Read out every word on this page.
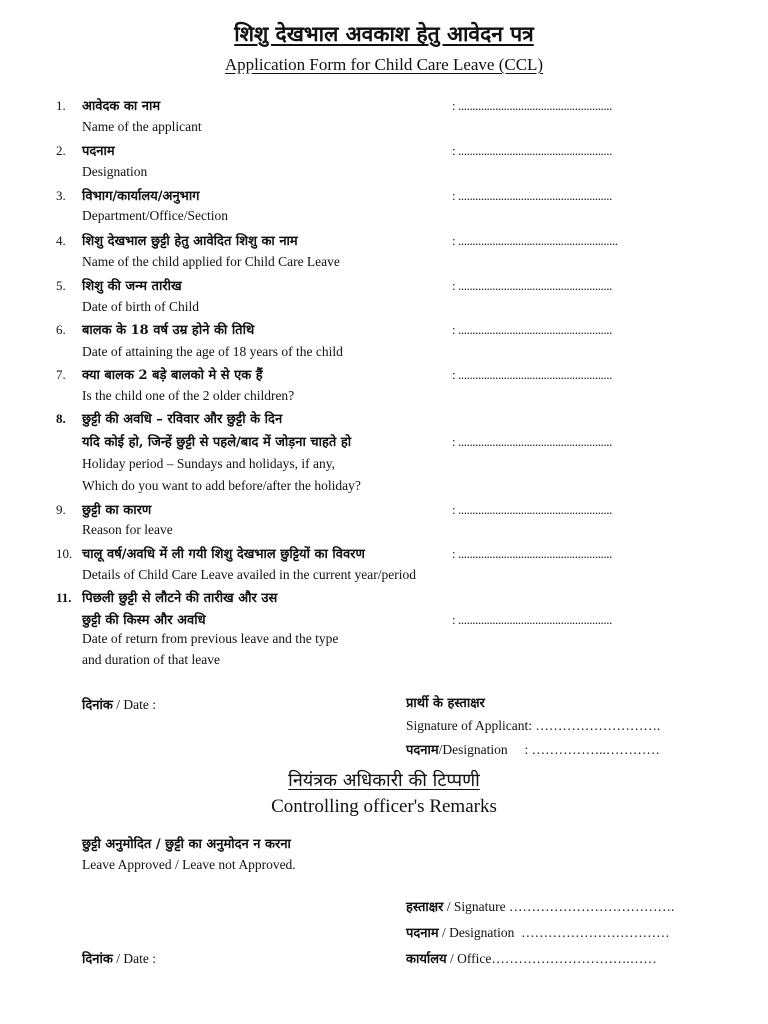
शिशु देखभाल अवकाश हेतु आवेदन पत्र
Application Form for Child Care Leave (CCL)
1.	आवेदक का नाम	: ......................................................
Name of the applicant
2.	पदनाम	: ......................................................
Designation
3.	विभाग/कार्यालय/अनुभाग	: ......................................................
Department/Office/Section
4.	शिशु देखभाल छुट्टी हेतु आवेदित शिशु का नाम	: ........................................................
Name of the child applied for Child Care Leave
5.	शिशु की जन्म तारीख	: ......................................................
Date of birth of Child
6.	बालक के 18 वर्ष उम्र होने की तिथि	: ......................................................
Date of attaining the age of 18 years of the child
7.	क्या बालक 2 बड़े बालको मे से एक हैं	: ......................................................
Is the child one of the 2 older children?
8.	छुट्टी की अवधि – रविवार और छुट्टी के दिन
यदि कोई हो, जिन्हें छुट्टी से पहले/बाद में जोड़ना चाहते हो	: ......................................................
Holiday period – Sundays and holidays, if any,
Which do you want to add before/after the holiday?
9.	छुट्टी का कारण	: ......................................................
Reason for leave
10. चालू वर्ष/अवधि में ली गयी शिशु देखभाल छुट्टियों का विवरण	: ......................................................
Details of Child Care Leave availed in the current year/period
11. पिछली छुट्टी से लौटने की तारीख और उस
छुट्टी की किस्म और अवधि	: ......................................................
Date of return from previous leave and the type
and duration of that leave
दिनांक / Date :	प्रार्थी के हस्ताक्षर
Signature of Applicant: ……………………….
पदनाम/Designation     : ……………..…………
नियंत्रक अधिकारी की टिप्पणी
Controlling officer's Remarks
छुट्टी अनुमोदित / छुट्टी का अनुमोदन न करना
Leave Approved / Leave not Approved.
हस्ताक्षर / Signature ……………………………….
पदनाम / Designation  ……………………………
दिनांक / Date :	कार्यालय / Office………………………….……
